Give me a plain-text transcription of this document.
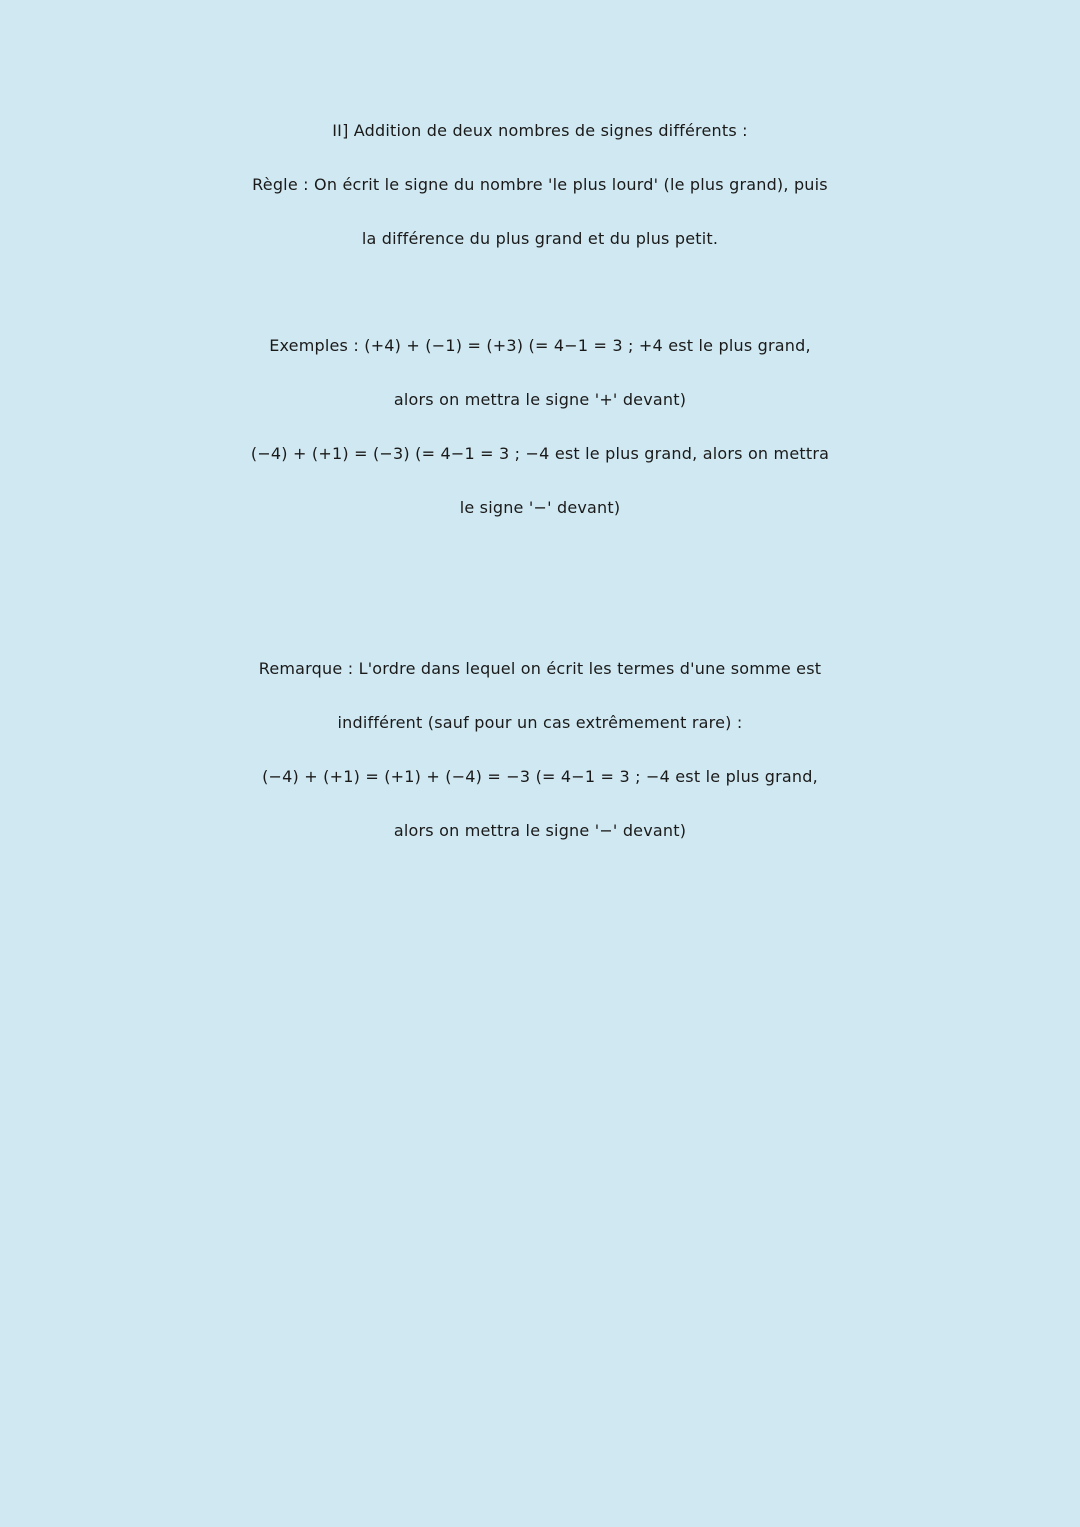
II] Addition de deux nombres de signes différents :
Règle : On écrit le signe du nombre 'le plus lourd' (le plus grand), puis
la différence du plus grand et du plus petit.
Exemples : (+4) + (−1) = (+3) (= 4−1 = 3 ; +4 est le plus grand,
alors on mettra le signe '+' devant)
(−4) + (+1) = (−3) (= 4−1 = 3 ; −4 est le plus grand, alors on mettra
le signe '−' devant)
Remarque : L'ordre dans lequel on écrit les termes d'une somme est
indifférent (sauf pour un cas extrêmement rare) :
(−4) + (+1) = (+1) + (−4) = −3 (= 4−1 = 3 ; −4 est le plus grand,
alors on mettra le signe '−' devant)
